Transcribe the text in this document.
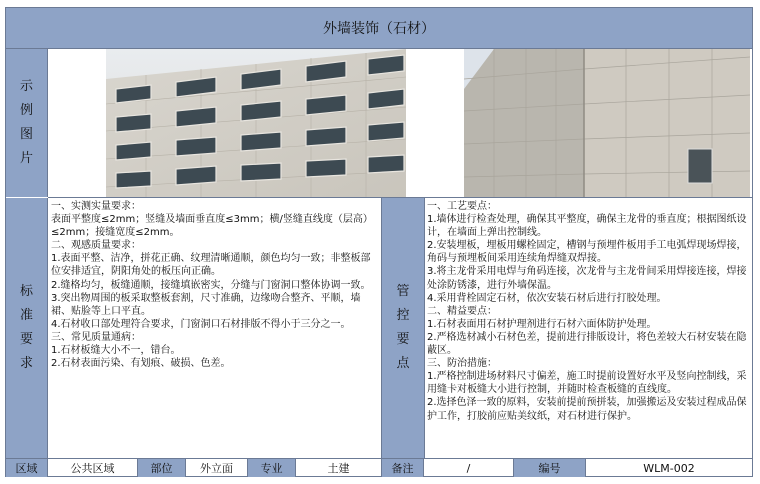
外墙装饰（石材）
示
例
图
片
标
准
要
求
一、实测实量要求：
表面平整度≤2mm；竖缝及墙面垂直度≤3mm；横/竖缝直线度（层高）≤2mm；接缝宽度≤2mm。
二、观感质量要求：
1.表面平整、洁净，拼花正确、纹理清晰通顺，颜色均匀一致；非整板部位安排适宜，阴阳角处的板压向正确。
2.缝格均匀，板缝通顺，接缝填嵌密实，分缝与门窗洞口整体协调一致。
3.突出物周围的板采取整板套割，尺寸准确，边缘吻合整齐、平顺，墙裙、贴脸等上口平直。
4.石材收口部处理符合要求，门窗洞口石材排版不得小于三分之一。
三、常见质量通病：
1.石材板缝大小不一，错台。
2.石材表面污染、有划痕、破损、色差。
管
控
要
点
一、工艺要点：
1.墙体进行检查处理，确保其平整度，确保主龙骨的垂直度；根据图纸设计，在墙面上弹出控制线。
2.安装埋板，埋板用螺栓固定，槽钢与预埋件板用手工电弧焊现场焊接，角码与预埋板间采用连续角焊缝双焊接。
3.将主龙骨采用电焊与角码连接，次龙骨与主龙骨间采用焊接连接，焊接处涂防锈漆，进行外墙保温。
4.采用背栓固定石材，依次安装石材后进行打胶处理。
二、精益要点：
1.石材表面用石材护理剂进行石材六面体防护处理。
2.严格选材减小石材色差，提前进行排版设计，将色差较大石材安装在隐蔽区。
三、防治措施：
1.严格控制进场材料尺寸偏差，施工时提前设置好水平及竖向控制线，采用缝卡对板缝大小进行控制，并随时检查板缝的直线度。
2.选择色泽一致的原料，安装前提前预拼装，加强搬运及安装过程成品保护工作，打胶前应贴美纹纸，对石材进行保护。
区域	公共区域	部位	外立面	专业	土建	备注	/	编号	WLM-002
